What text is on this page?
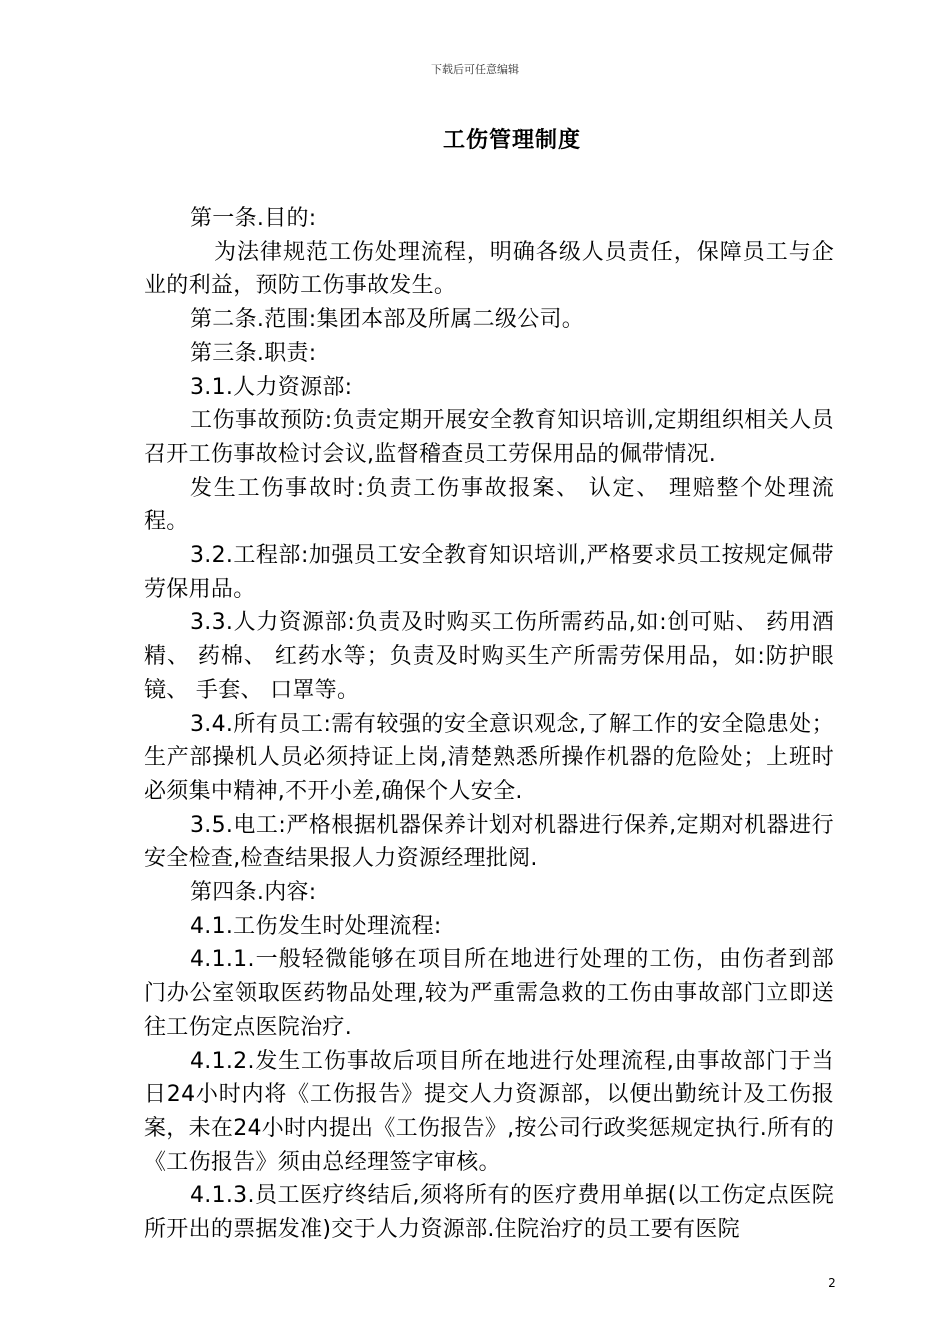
下载后可任意编辑
工伤管理制度

第一条.目的:

为法律规范工伤处理流程，明确各级人员责任，保障员工与企业的利益，预防工伤事故发生。

第二条.范围:集团本部及所属二级公司。

第三条.职责:

3.1.人力资源部:

工伤事故预防:负责定期开展安全教育知识培训,定期组织相关人员召开工伤事故检讨会议,监督稽查员工劳保用品的佩带情况.

发生工伤事故时:负责工伤事故报案、 认定、 理赔整个处理流程。

3.2.工程部:加强员工安全教育知识培训,严格要求员工按规定佩带劳保用品。

3.3.人力资源部:负责及时购买工伤所需药品,如:创可贴、 药用酒精、 药棉、 红药水等；负责及时购买生产所需劳保用品，如:防护眼镜、 手套、 口罩等。

3.4.所有员工:需有较强的安全意识观念,了解工作的安全隐患处；生产部操机人员必须持证上岗,清楚熟悉所操作机器的危险处；上班时必须集中精神,不开小差,确保个人安全.

3.5.电工:严格根据机器保养计划对机器进行保养,定期对机器进行安全检查,检查结果报人力资源经理批阅.

第四条.内容:

4.1.工伤发生时处理流程:

4.1.1.一般轻微能够在项目所在地进行处理的工伤，由伤者到部门办公室领取医药物品处理,较为严重需急救的工伤由事故部门立即送往工伤定点医院治疗.

4.1.2.发生工伤事故后项目所在地进行处理流程,由事故部门于当日24小时内将《工伤报告》提交人力资源部，以便出勤统计及工伤报案，未在24小时内提出《工伤报告》,按公司行政奖惩规定执行.所有的《工伤报告》须由总经理签字审核。

4.1.3.员工医疗终结后,须将所有的医疗费用单据(以工伤定点医院所开出的票据发准)交于人力资源部.住院治疗的员工要有医院

2
